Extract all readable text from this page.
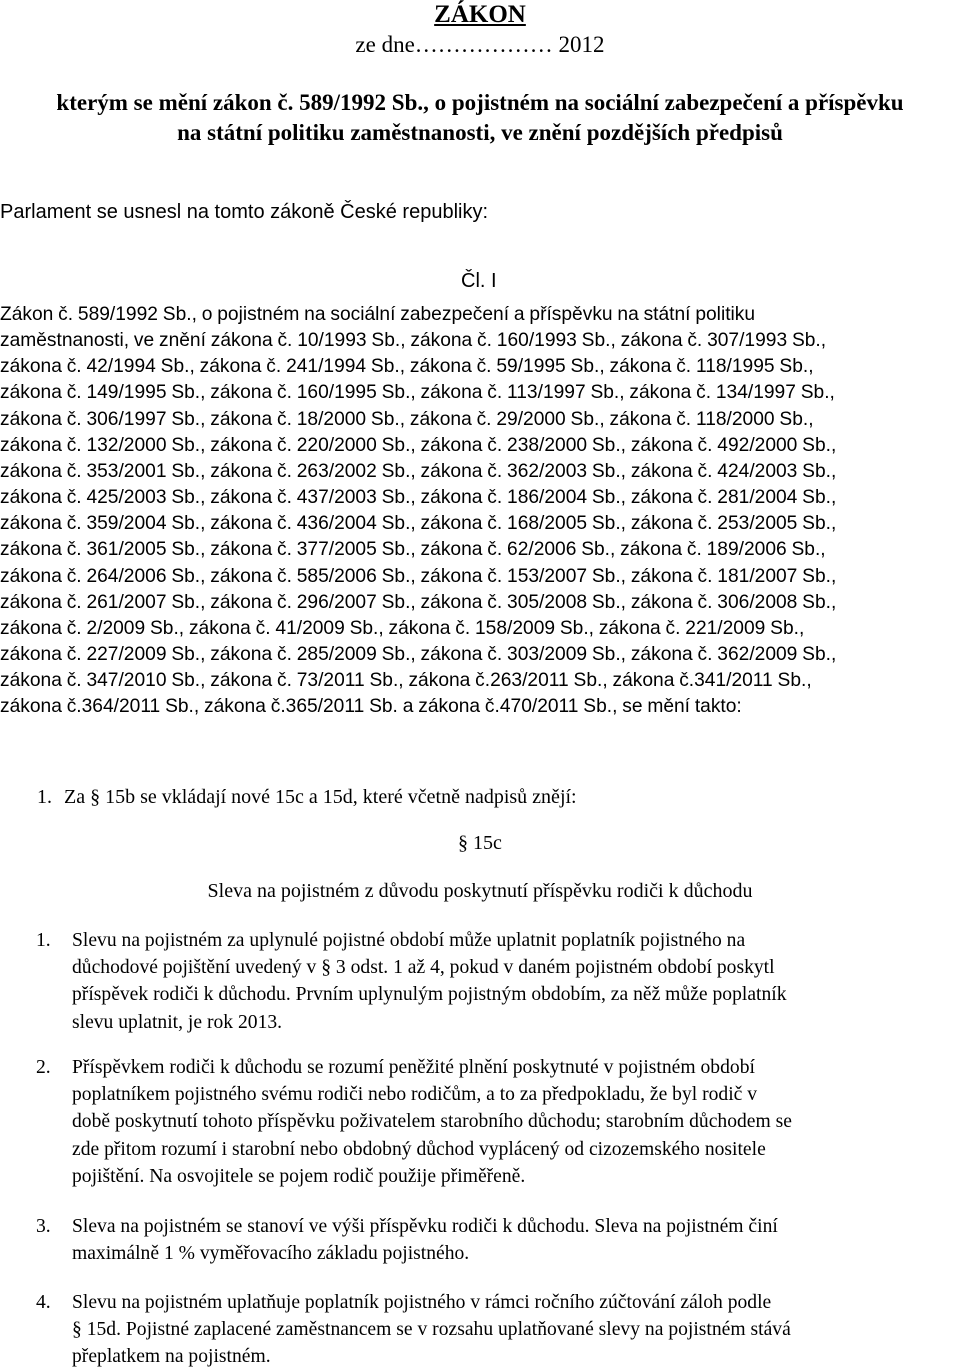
ZÁKON
ze dne……………… 2012
kterým se mění zákon č. 589/1992 Sb., o pojistném na sociální zabezpečení a příspěvku
na státní politiku zaměstnanosti, ve znění pozdějších předpisů
Parlament se usnesl na tomto zákoně České republiky:
Čl. I
Zákon č. 589/1992 Sb., o pojistném na sociální zabezpečení a příspěvku na státní politiku
zaměstnanosti, ve znění zákona č. 10/1993 Sb., zákona č. 160/1993 Sb., zákona č. 307/1993 Sb.,
zákona č. 42/1994 Sb., zákona č. 241/1994 Sb., zákona č. 59/1995 Sb., zákona č. 118/1995 Sb.,
zákona č. 149/1995 Sb., zákona č. 160/1995 Sb., zákona č. 113/1997 Sb., zákona č. 134/1997 Sb.,
zákona č. 306/1997 Sb., zákona č. 18/2000 Sb., zákona č. 29/2000 Sb., zákona č. 118/2000 Sb.,
zákona č. 132/2000 Sb., zákona č. 220/2000 Sb., zákona č. 238/2000 Sb., zákona č. 492/2000 Sb.,
zákona č. 353/2001 Sb., zákona č. 263/2002 Sb., zákona č. 362/2003 Sb., zákona č. 424/2003 Sb.,
zákona č. 425/2003 Sb., zákona č. 437/2003 Sb., zákona č. 186/2004 Sb., zákona č. 281/2004 Sb.,
zákona č. 359/2004 Sb., zákona č. 436/2004 Sb., zákona č. 168/2005 Sb., zákona č. 253/2005 Sb.,
zákona č. 361/2005 Sb., zákona č. 377/2005 Sb., zákona č. 62/2006 Sb., zákona č. 189/2006 Sb.,
zákona č. 264/2006 Sb., zákona č. 585/2006 Sb., zákona č. 153/2007 Sb., zákona č. 181/2007 Sb.,
zákona č. 261/2007 Sb., zákona č. 296/2007 Sb., zákona č. 305/2008 Sb., zákona č. 306/2008 Sb.,
zákona č. 2/2009 Sb., zákona č. 41/2009 Sb., zákona č. 158/2009 Sb., zákona č. 221/2009 Sb.,
zákona č. 227/2009 Sb., zákona č. 285/2009 Sb., zákona č. 303/2009 Sb., zákona č. 362/2009 Sb.,
zákona č. 347/2010 Sb., zákona č. 73/2011 Sb., zákona č.263/2011 Sb., zákona č.341/2011 Sb.,
zákona č.364/2011 Sb., zákona č.365/2011 Sb. a zákona č.470/2011 Sb., se mění takto:
1. Za § 15b se vkládají nové 15c a 15d, které včetně nadpisů znějí:
§ 15c
Sleva na pojistném z důvodu poskytnutí příspěvku rodiči k důchodu
1. Slevu na pojistném za uplynulé pojistné období může uplatnit poplatník pojistného na
důchodové pojištění uvedený v § 3 odst. 1 až 4, pokud v daném pojistném období poskytl
příspěvek rodiči k důchodu. Prvním uplynulým pojistným obdobím, za něž může poplatník
slevu uplatnit, je rok 2013.
2. Příspěvkem rodiči k důchodu se rozumí peněžité plnění poskytnuté v pojistném období
poplatníkem pojistného svému rodiči nebo rodičům, a to za předpokladu, že byl rodič v
době poskytnutí tohoto příspěvku poživatelem starobního důchodu; starobním důchodem se
zde přitom rozumí i starobní nebo obdobný důchod vyplácený od cizozemského nositele
pojištění. Na osvojitele se pojem rodič použije přiměřeně.
3. Sleva na pojistném se stanoví ve výši příspěvku rodiči k důchodu. Sleva na pojistném činí
maximálně 1 % vyměřovacího základu pojistného.
4. Slevu na pojistném uplatňuje poplatník pojistného v rámci ročního zúčtování záloh podle
§ 15d. Pojistné zaplacené zaměstnancem se v rozsahu uplatňované slevy na pojistném stává
přeplatkem na pojistném.
